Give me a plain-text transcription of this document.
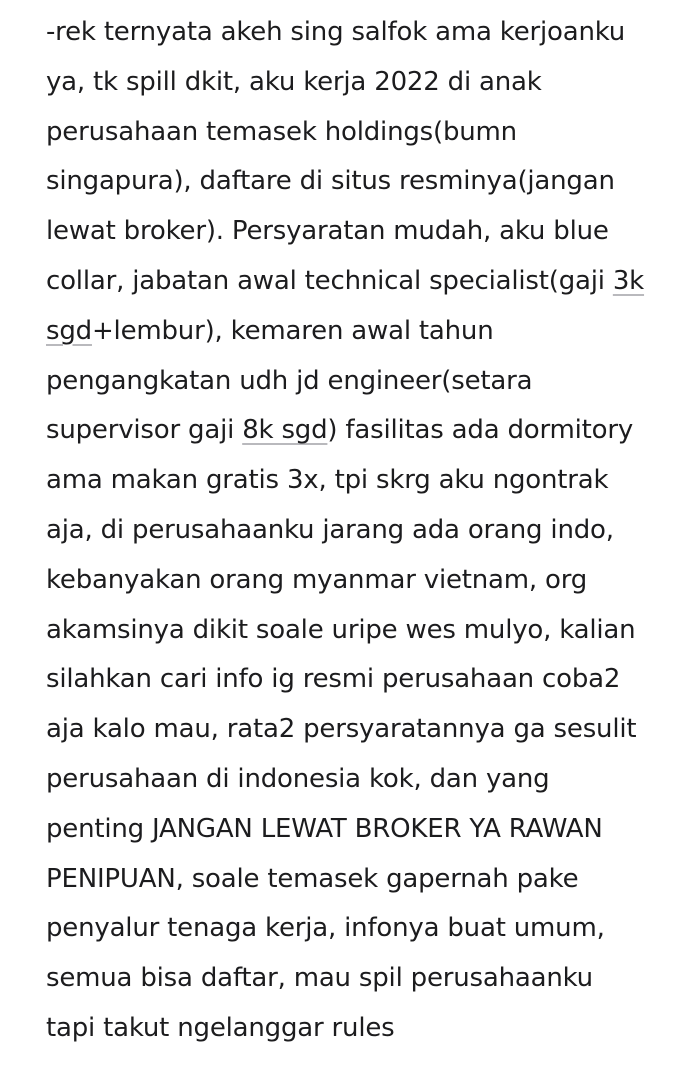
-rek ternyata akeh sing salfok ama kerjoanku
ya, tk spill dkit, aku kerja 2022 di anak
perusahaan temasek holdings(bumn
singapura), daftare di situs resminya(jangan
lewat broker). Persyaratan mudah, aku blue
collar, jabatan awal technical specialist(gaji 3k
sgd+lembur), kemaren awal tahun
pengangkatan udh jd engineer(setara
supervisor gaji 8k sgd) fasilitas ada dormitory
ama makan gratis 3x, tpi skrg aku ngontrak
aja, di perusahaanku jarang ada orang indo,
kebanyakan orang myanmar vietnam, org
akamsinya dikit soale uripe wes mulyo, kalian
silahkan cari info ig resmi perusahaan coba2
aja kalo mau, rata2 persyaratannya ga sesulit
perusahaan di indonesia kok, dan yang
penting JANGAN LEWAT BROKER YA RAWAN
PENIPUAN, soale temasek gapernah pake
penyalur tenaga kerja, infonya buat umum,
semua bisa daftar, mau spil perusahaanku
tapi takut ngelanggar rules
